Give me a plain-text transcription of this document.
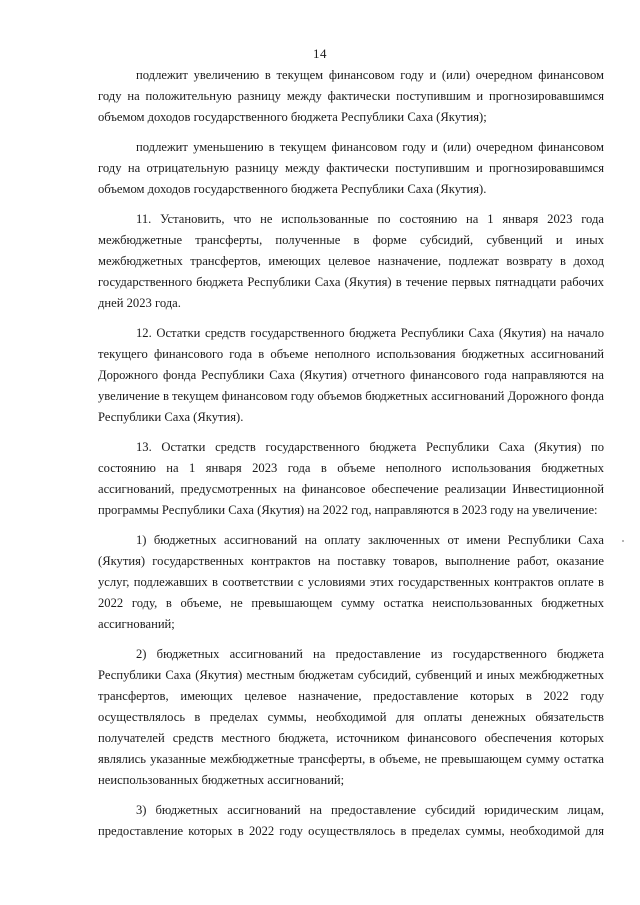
14

подлежит увеличению в текущем финансовом году и (или) очередном финансовом году на положительную разницу между фактически поступившим и прогнозировавшимся объемом доходов государственного бюджета Республики Саха (Якутия);

подлежит уменьшению в текущем финансовом году и (или) очередном финансовом году на отрицательную разницу между фактически поступившим и прогнозировавшимся объемом доходов государственного бюджета Республики Саха (Якутия).

11. Установить, что не использованные по состоянию на 1 января 2023 года межбюджетные трансферты, полученные в форме субсидий, субвенций и иных межбюджетных трансфертов, имеющих целевое назначение, подлежат возврату в доход государственного бюджета Республики Саха (Якутия) в течение первых пятнадцати рабочих дней 2023 года.

12. Остатки средств государственного бюджета Республики Саха (Якутия) на начало текущего финансового года в объеме неполного использования бюджетных ассигнований Дорожного фонда Республики Саха (Якутия) отчетного финансового года направляются на увеличение в текущем финансовом году объемов бюджетных ассигнований Дорожного фонда Республики Саха (Якутия).

13. Остатки средств государственного бюджета Республики Саха (Якутия) по состоянию на 1 января 2023 года в объеме неполного использования бюджетных ассигнований, предусмотренных на финансовое обеспечение реализации Инвестиционной программы Республики Саха (Якутия) на 2022 год, направляются в 2023 году на увеличение:

1) бюджетных ассигнований на оплату заключенных от имени Республики Саха (Якутия) государственных контрактов на поставку товаров, выполнение работ, оказание услуг, подлежавших в соответствии с условиями этих государственных контрактов оплате в 2022 году, в объеме, не превышающем сумму остатка неиспользованных бюджетных ассигнований;

2) бюджетных ассигнований на предоставление из государственного бюджета Республики Саха (Якутия) местным бюджетам субсидий, субвенций и иных межбюджетных трансфертов, имеющих целевое назначение, предоставление которых в 2022 году осуществлялось в пределах суммы, необходимой для оплаты денежных обязательств получателей средств местного бюджета, источником финансового обеспечения которых являлись указанные межбюджетные трансферты, в объеме, не превышающем сумму остатка неиспользованных бюджетных ассигнований;

3) бюджетных ассигнований на предоставление субсидий юридическим лицам, предоставление которых в 2022 году осуществлялось в пределах суммы, необходимой для
